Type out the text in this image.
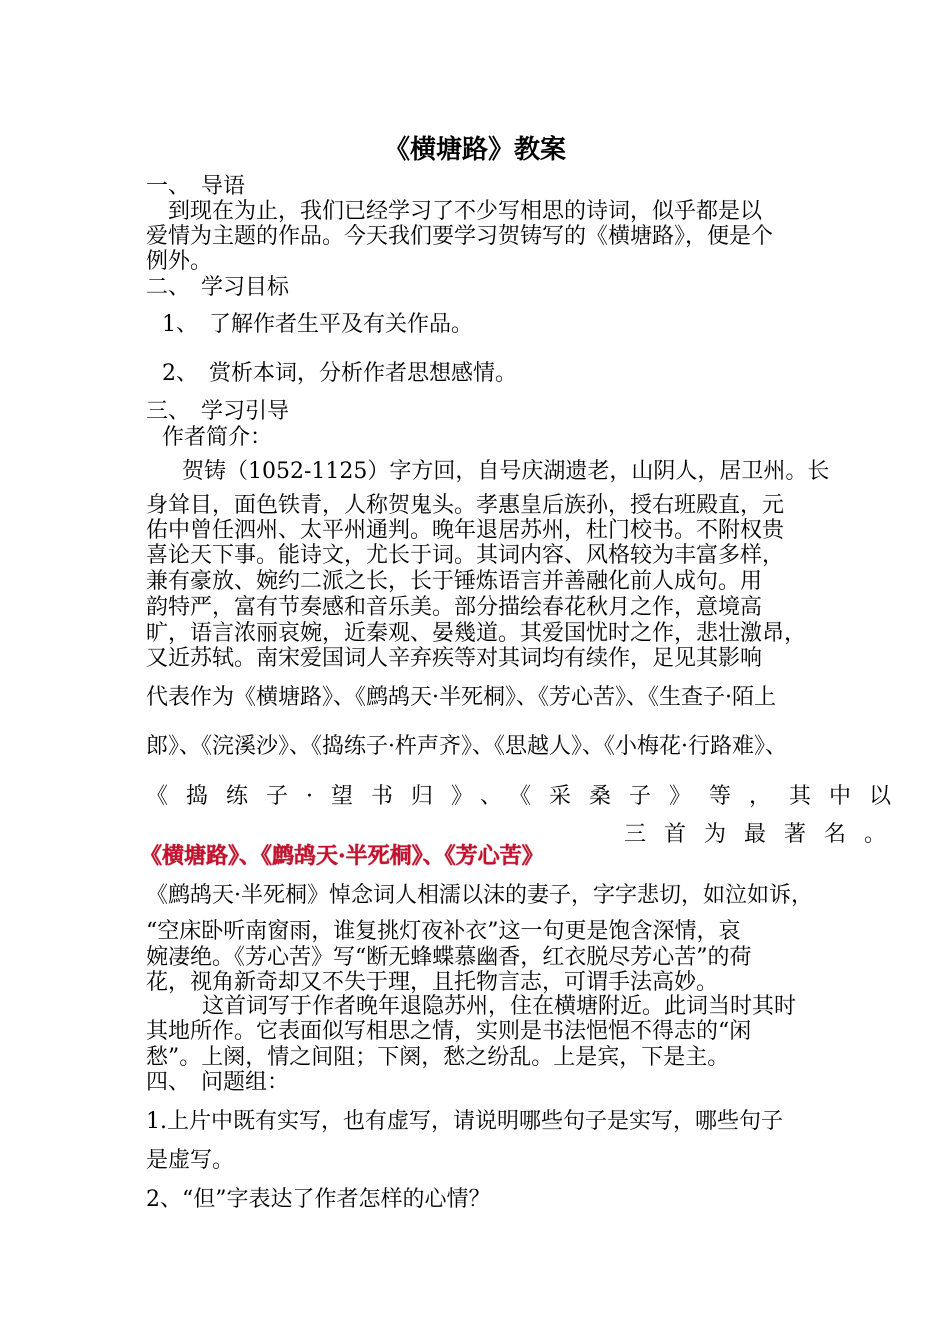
《横塘路》教案
一、　导语
到现在为止，我们已经学习了不少写相思的诗词，似乎都是以
爱情为主题的作品。今天我们要学习贺铸写的《横塘路》，便是个
例外。
二、　学习目标
1、　了解作者生平及有关作品。
2、　赏析本词，分析作者思想感情。
三、　学习引导
作者简介：
贺铸（1052-1125）字方回，自号庆湖遗老，山阴人，居卫州。长
身耸目，面色铁青，人称贺鬼头。孝惠皇后族孙，授右班殿直，元
佑中曾任泗州、太平州通判。晚年退居苏州，杜门校书。不附权贵
喜论天下事。能诗文，尤长于词。其词内容、风格较为丰富多样，
兼有豪放、婉约二派之长，长于锤炼语言并善融化前人成句。用
韵特严，富有节奏感和音乐美。部分描绘春花秋月之作，意境高
旷，语言浓丽哀婉，近秦观、晏幾道。其爱国忧时之作，悲壮激昂，
又近苏轼。南宋爱国词人辛弃疾等对其词均有续作，足见其影响
代表作为《横塘路》、《鹧鸪天·半死桐》、《芳心苦》、《生查子·陌上
郎》、《浣溪沙》、《捣练子·杵声齐》、《思越人》、《小梅花·行路难》、
《捣练子·望书归》、《采桑子》等，其中以
三首为最著名。
《横塘路》、《鹧鸪天·半死桐》、《芳心苦》
《鹧鸪天·半死桐》悼念词人相濡以沫的妻子，字字悲切，如泣如诉，
“空床卧听南窗雨，谁复挑灯夜补衣”这一句更是饱含深情，哀
婉凄绝。《芳心苦》写“断无蜂蝶慕幽香，红衣脱尽芳心苦”的荷
花，视角新奇却又不失于理，且托物言志，可谓手法高妙。
这首词写于作者晚年退隐苏州，住在横塘附近。此词当时其时
其地所作。它表面似写相思之情，实则是书法悒悒不得志的“闲
愁”。上阕，情之间阻；下阕，愁之纷乱。上是宾，下是主。
四、　问题组：
1.上片中既有实写，也有虚写，请说明哪些句子是实写，哪些句子
是虚写。
2、“但”字表达了作者怎样的心情？
